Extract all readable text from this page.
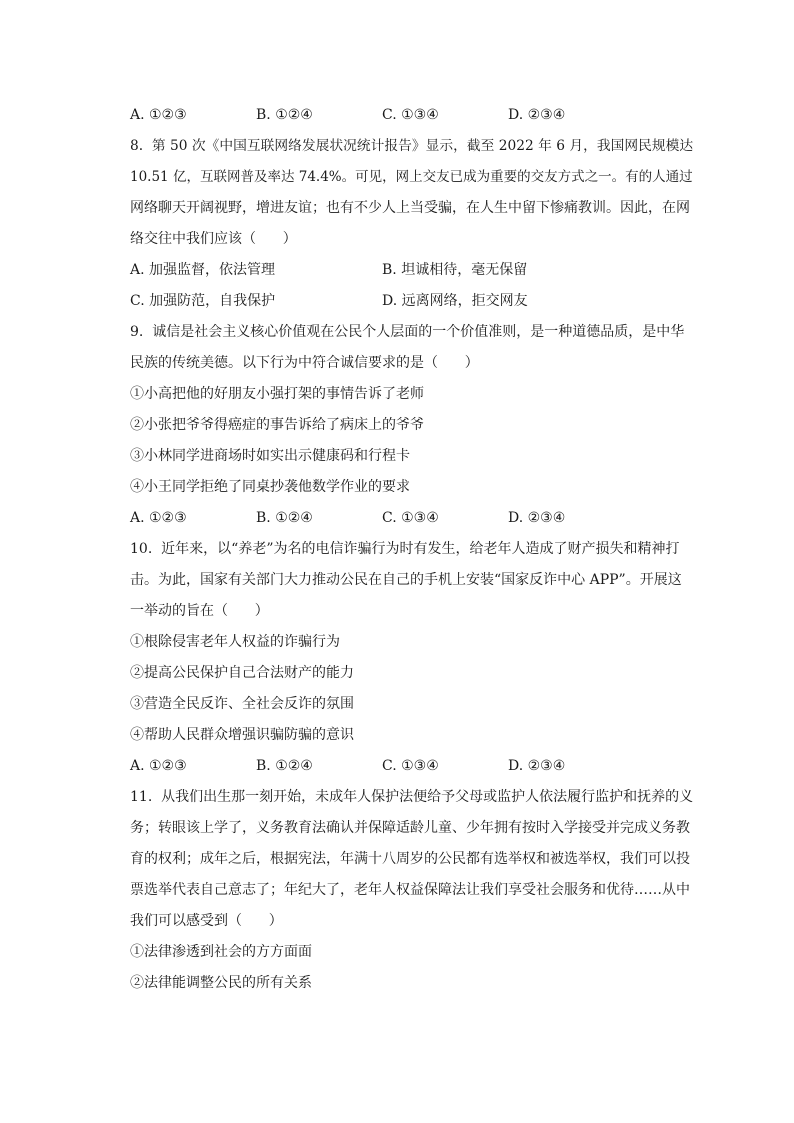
A. ①②③	B. ①②④	C. ①③④	D. ②③④
8.  第 50 次《中国互联网络发展状况统计报告》显示，截至 2022 年 6 月，我国网民规模达
10.51 亿，互联网普及率达 74.4%。可见，网上交友已成为重要的交友方式之一。有的人通过
网络聊天开阔视野，增进友谊；也有不少人上当受骗，在人生中留下惨痛教训。因此，在网
络交往中我们应该（      ）
A. 加强监督，依法管理	B. 坦诚相待，毫无保留
C. 加强防范，自我保护	D. 远离网络，拒交网友
9.  诚信是社会主义核心价值观在公民个人层面的一个价值准则，是一种道德品质，是中华
民族的传统美德。以下行为中符合诚信要求的是（      ）
①小高把他的好朋友小强打架的事情告诉了老师
②小张把爷爷得癌症的事告诉给了病床上的爷爷
③小林同学进商场时如实出示健康码和行程卡
④小王同学拒绝了同桌抄袭他数学作业的要求
A. ①②③	B. ①②④	C. ①③④	D. ②③④
10.  近年来，以“养老”为名的电信诈骗行为时有发生，给老年人造成了财产损失和精神打
击。为此，国家有关部门大力推动公民在自己的手机上安装“国家反诈中心 APP”。开展这
一举动的旨在（      ）
①根除侵害老年人权益的诈骗行为
②提高公民保护自己合法财产的能力
③营造全民反诈、全社会反诈的氛围
④帮助人民群众增强识骗防骗的意识
A. ①②③	B. ①②④	C. ①③④	D. ②③④
11.  从我们出生那一刻开始，未成年人保护法便给予父母或监护人依法履行监护和抚养的义
务；转眼该上学了，义务教育法确认并保障适龄儿童、少年拥有按时入学接受并完成义务教
育的权利；成年之后，根据宪法，年满十八周岁的公民都有选举权和被选举权，我们可以投
票选举代表自己意志了；年纪大了，老年人权益保障法让我们享受社会服务和优待……从中
我们可以感受到（      ）
①法律渗透到社会的方方面面
②法律能调整公民的所有关系
